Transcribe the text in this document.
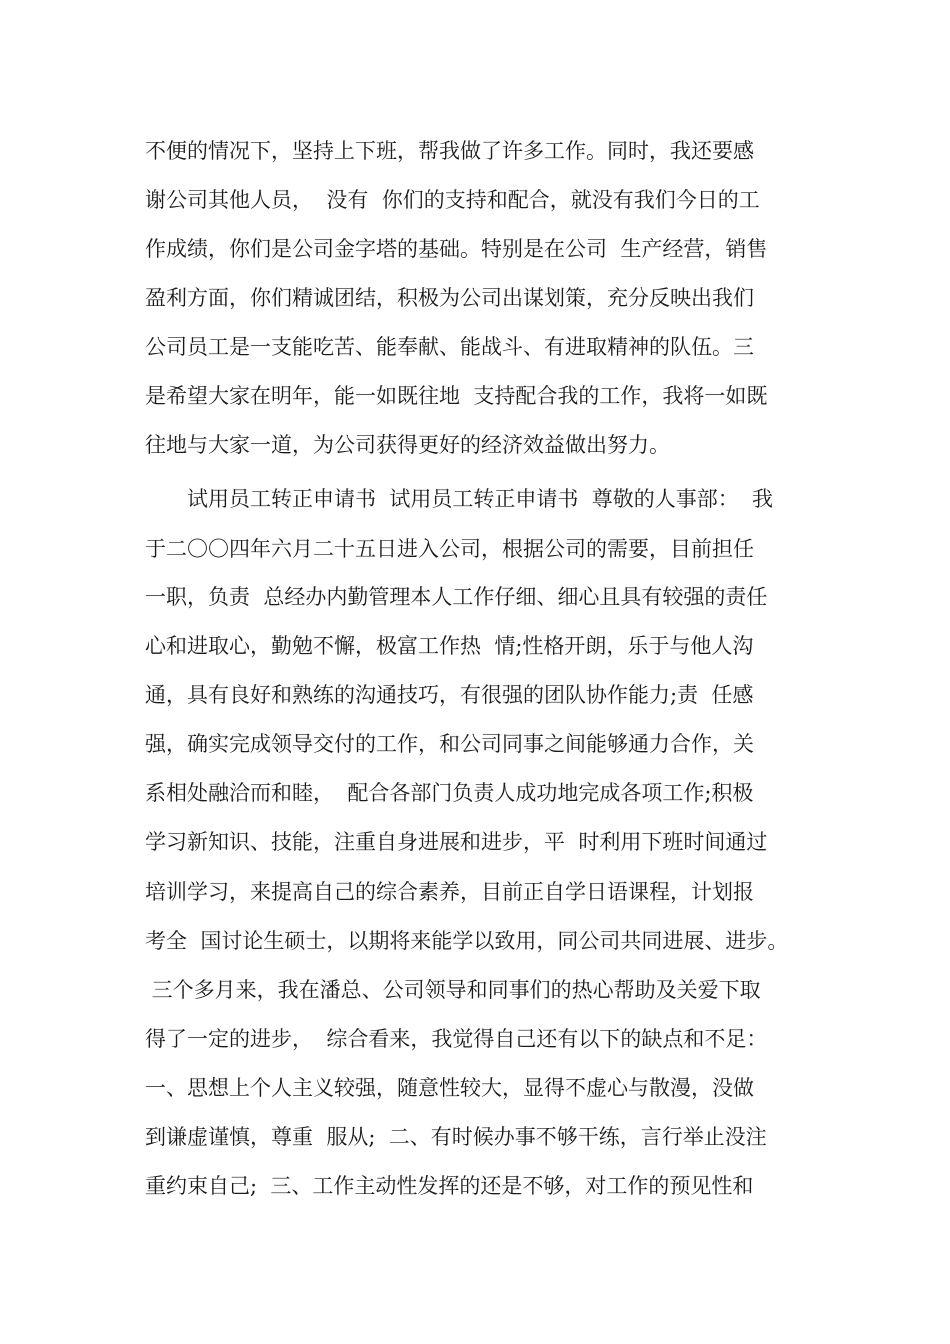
不便的情况下，坚持上下班，帮我做了许多工作。同时，我还要感
谢公司其他人员，  没有  你们的支持和配合，就没有我们今日的工
作成绩，你们是公司金字塔的基础。特别是在公司  生产经营，销售
盈利方面，你们精诚团结，积极为公司出谋划策，充分反映出我们
公司员工是一支能吃苦、能奉献、能战斗、有进取精神的队伍。三
是希望大家在明年，能一如既往地  支持配合我的工作，我将一如既
往地与大家一道，为公司获得更好的经济效益做出努力。
试用员工转正申请书  试用员工转正申请书  尊敬的人事部：  我
于二〇〇四年六月二十五日进入公司，根据公司的需要，目前担任
一职，负责  总经办内勤管理本人工作仔细、细心且具有较强的责任
心和进取心，勤勉不懈，极富工作热  情;性格开朗，乐于与他人沟
通，具有良好和熟练的沟通技巧，有很强的团队协作能力;责  任感
强，确实完成领导交付的工作，和公司同事之间能够通力合作，关
系相处融洽而和睦，  配合各部门负责人成功地完成各项工作;积极
学习新知识、技能，注重自身进展和进步，平  时利用下班时间通过
培训学习，来提高自己的综合素养，目前正自学日语课程，计划报
考全  国讨论生硕士，以期将来能学以致用，同公司共同进展、进步。
三个多月来，我在潘总、公司领导和同事们的热心帮助及关爱下取
得了一定的进步，  综合看来，我觉得自己还有以下的缺点和不足：
一、思想上个人主义较强，随意性较大，显得不虚心与散漫，没做
到谦虚谨慎，尊重  服从;  二、有时候办事不够干练，言行举止没注
重约束自己;  三、工作主动性发挥的还是不够，对工作的预见性和
